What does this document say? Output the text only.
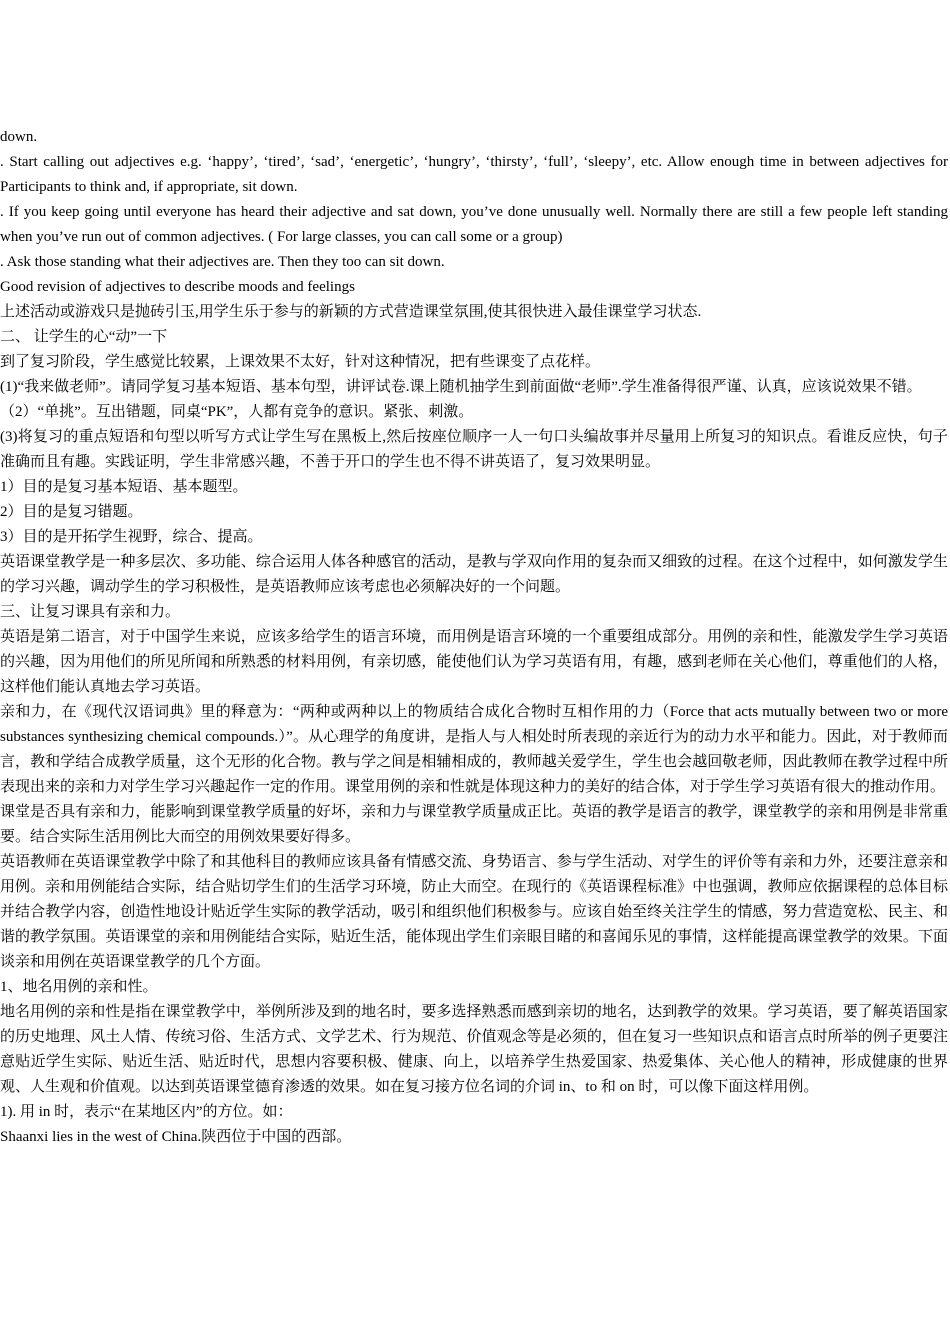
down.

. Start calling out adjectives e.g. ‘happy’, ‘tired’, ‘sad’, ‘energetic’, ‘hungry’, ‘thirsty’, ‘full’, ‘sleepy’, etc. Allow enough time in between adjectives for Participants to think and, if appropriate, sit down.

. If you keep going until everyone has heard their adjective and sat down, you’ve done unusually well. Normally there are still a few people left standing when you’ve run out of common adjectives. ( For large classes, you can call some or a group)

. Ask those standing what their adjectives are. Then they too can sit down.

Good revision of adjectives to describe moods and feelings

上述活动或游戏只是抛砖引玉,用学生乐于参与的新颖的方式营造课堂氛围,使其很快进入最佳课堂学习状态.

二、 让学生的心“动”一下

到了复习阶段，学生感觉比较累，上课效果不太好，针对这种情况，把有些课变了点花样。

(1)“我来做老师”。请同学复习基本短语、基本句型，讲评试卷.课上随机抽学生到前面做“老师”.学生准备得很严谨、认真，应该说效果不错。

（2）“单挑”。互出错题，同桌“PK”，人都有竞争的意识。紧张、刺激。

(3)将复习的重点短语和句型以听写方式让学生写在黑板上,然后按座位顺序一人一句口头编故事并尽量用上所复习的知识点。看谁反应快，句子准确而且有趣。实践证明，学生非常感兴趣，不善于开口的学生也不得不讲英语了，复习效果明显。

1）目的是复习基本短语、基本题型。

2）目的是复习错题。

3）目的是开拓学生视野，综合、提高。

英语课堂教学是一种多层次、多功能、综合运用人体各种感官的活动，是教与学双向作用的复杂而又细致的过程。在这个过程中，如何激发学生的学习兴趣，调动学生的学习积极性，是英语教师应该考虑也必须解决好的一个问题。

三、让复习课具有亲和力。

英语是第二语言，对于中国学生来说，应该多给学生的语言环境，而用例是语言环境的一个重要组成部分。用例的亲和性，能激发学生学习英语的兴趣，因为用他们的所见所闻和所熟悉的材料用例，有亲切感，能使他们认为学习英语有用，有趣，感到老师在关心他们，尊重他们的人格，这样他们能认真地去学习英语。

亲和力，在《现代汉语词典》里的释意为：“两种或两种以上的物质结合成化合物时互相作用的力（Force that acts mutually between two or more substances synthesizing chemical compounds.）”。从心理学的角度讲，是指人与人相处时所表现的亲近行为的动力水平和能力。因此，对于教师而言，教和学结合成教学质量，这个无形的化合物。教与学之间是相辅相成的，教师越关爱学生，学生也会越回敬老师，因此教师在教学过程中所表现出来的亲和力对学生学习兴趣起作一定的作用。课堂用例的亲和性就是体现这种力的美好的结合体，对于学生学习英语有很大的推动作用。

课堂是否具有亲和力，能影响到课堂教学质量的好坏，亲和力与课堂教学质量成正比。英语的教学是语言的教学，课堂教学的亲和用例是非常重要。结合实际生活用例比大而空的用例效果要好得多。

英语教师在英语课堂教学中除了和其他科目的教师应该具备有情感交流、身势语言、参与学生活动、对学生的评价等有亲和力外，还要注意亲和用例。亲和用例能结合实际，结合贴切学生们的生活学习环境，防止大而空。在现行的《英语课程标准》中也强调，教师应依据课程的总体目标并结合教学内容，创造性地设计贴近学生实际的教学活动，吸引和组织他们积极参与。应该自始至终关注学生的情感，努力营造宽松、民主、和谐的教学氛围。英语课堂的亲和用例能结合实际，贴近生活，能体现出学生们亲眼目睹的和喜闻乐见的事情，这样能提高课堂教学的效果。下面谈亲和用例在英语课堂教学的几个方面。

1、地名用例的亲和性。

地名用例的亲和性是指在课堂教学中，举例所涉及到的地名时，要多选择熟悉而感到亲切的地名，达到教学的效果。学习英语，要了解英语国家的历史地理、风土人情、传统习俗、生活方式、文学艺术、行为规范、价值观念等是必须的，但在复习一些知识点和语言点时所举的例子更要注意贴近学生实际、贴近生活、贴近时代，思想内容要积极、健康、向上，以培养学生热爱国家、热爱集体、关心他人的精神，形成健康的世界观、人生观和价值观。以达到英语课堂德育渗透的效果。如在复习接方位名词的介词 in、to 和 on 时，可以像下面这样用例。

1). 用 in 时，表示“在某地区内”的方位。如：

Shaanxi lies in the west of China.陕西位于中国的西部。
